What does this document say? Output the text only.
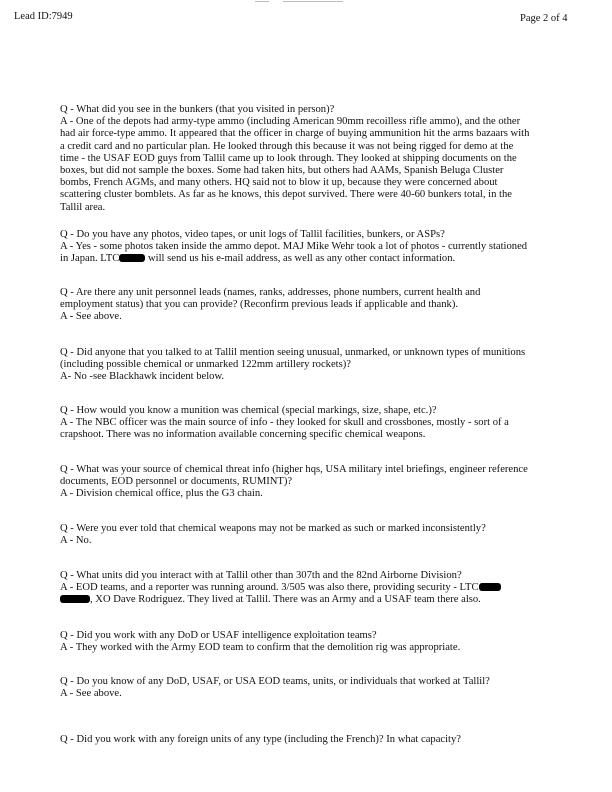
Lead ID:7949	Page 2 of 4

Q - What did you see in the bunkers (that you visited in person)?

A - One of the depots had army-type ammo (including American 90mm recoilless rifle ammo), and the other had air force-type ammo. It appeared that the officer in charge of buying ammunition hit the arms bazaars with a credit card and no particular plan. He looked through this because it was not being rigged for demo at the time - the USAF EOD guys from Tallil came up to look through. They looked at shipping documents on the boxes, but did not sample the boxes. Some had taken hits, but others had AAMs, Spanish Beluga Cluster bombs, French AGMs, and many others. HQ said not to blow it up, because they were concerned about scattering cluster bomblets. As far as he knows, this depot survived. There were 40-60 bunkers total, in the Tallil area.

Q - Do you have any photos, video tapes, or unit logs of Tallil facilities, bunkers, or ASPs?

A - Yes - some photos taken inside the ammo depot. MAJ Mike Wehr took a lot of photos - currently stationed in Japan. LTC will send us his e-mail address, as well as any other contact information.

Q - Are there any unit personnel leads (names, ranks, addresses, phone numbers, current health and employment status) that you can provide? (Reconfirm previous leads if applicable and thank).

A - See above.

Q - Did anyone that you talked to at Tallil mention seeing unusual, unmarked, or unknown types of munitions (including possible chemical or unmarked 122mm artillery rockets)?

A- No -see Blackhawk incident below.

Q - How would you know a munition was chemical (special markings, size, shape, etc.)?

A - The NBC officer was the main source of info - they looked for skull and crossbones, mostly - sort of a crapshoot. There was no information available concerning specific chemical weapons.

Q - What was your source of chemical threat info (higher hqs, USA military intel briefings, engineer reference documents, EOD personnel or documents, RUMINT)?

A - Division chemical office, plus the G3 chain.

Q - Were you ever told that chemical weapons may not be marked as such or marked inconsistently?

A - No.

Q - What units did you interact with at Tallil other than 307th and the 82nd Airborne Division?

A - EOD teams, and a reporter was running around. 3/505 was also there, providing security - LTC , XO Dave Rodriguez. They lived at Tallil. There was an Army and a USAF team there also.

Q - Did you work with any DoD or USAF intelligence exploitation teams?

A - They worked with the Army EOD team to confirm that the demolition rig was appropriate.

Q - Do you know of any DoD, USAF, or USA EOD teams, units, or individuals that worked at Tallil?

A - See above.

Q - Did you work with any foreign units of any type (including the French)? In what capacity?
